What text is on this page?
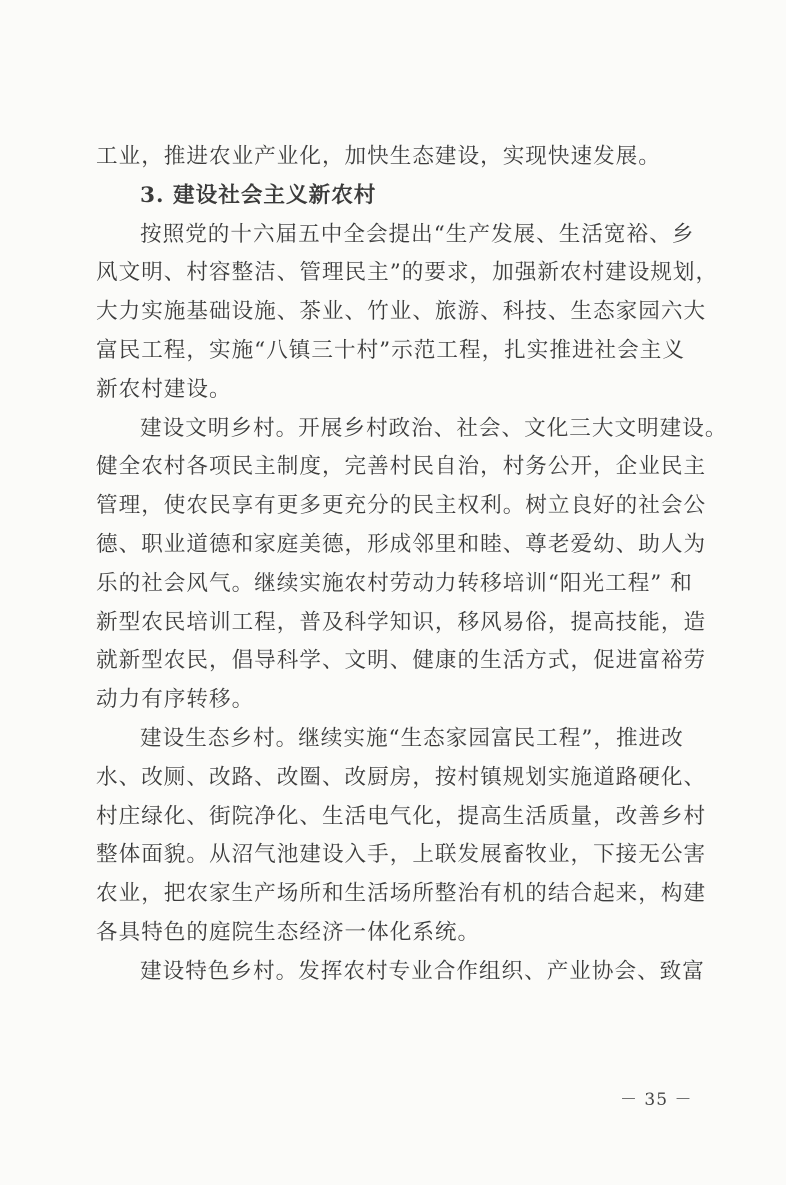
工业，推进农业产业化，加快生态建设，实现快速发展。
3. 建设社会主义新农村
按照党的十六届五中全会提出“生产发展、生活宽裕、乡
风文明、村容整洁、管理民主”的要求，加强新农村建设规划，
大力实施基础设施、茶业、竹业、旅游、科技、生态家园六大
富民工程，实施“八镇三十村”示范工程，扎实推进社会主义
新农村建设。
建设文明乡村。开展乡村政治、社会、文化三大文明建设。
健全农村各项民主制度，完善村民自治，村务公开，企业民主
管理，使农民享有更多更充分的民主权利。树立良好的社会公
德、职业道德和家庭美德，形成邻里和睦、尊老爱幼、助人为
乐的社会风气。继续实施农村劳动力转移培训“阳光工程” 和
新型农民培训工程，普及科学知识，移风易俗，提高技能，造
就新型农民，倡导科学、文明、健康的生活方式，促进富裕劳
动力有序转移。
建设生态乡村。继续实施“生态家园富民工程”，推进改
水、改厕、改路、改圈、改厨房，按村镇规划实施道路硬化、
村庄绿化、街院净化、生活电气化，提高生活质量，改善乡村
整体面貌。从沼气池建设入手，上联发展畜牧业，下接无公害
农业，把农家生产场所和生活场所整治有机的结合起来，构建
各具特色的庭院生态经济一体化系统。
建设特色乡村。发挥农村专业合作组织、产业协会、致富
－ 35 －
